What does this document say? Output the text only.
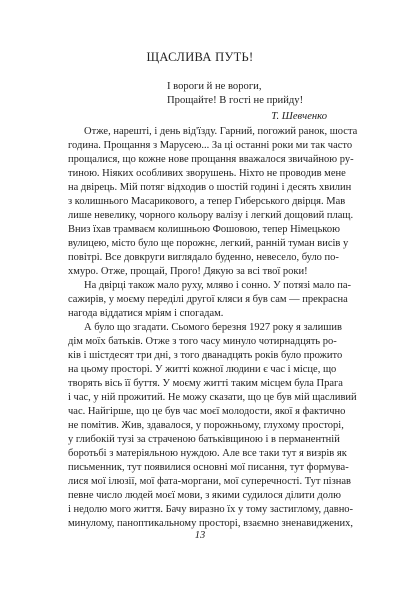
ЩАСЛИВА ПУТЬ!
І вороги й не вороги,
Прощайте! В гості не прийду!
Т. Шевченко
Отже, нарешті, і день від'їзду. Гарний, погожий ранок, шоста
година. Прощання з Марусею... За ці останні роки ми так часто
прощалися, що кожне нове прощання вважалося звичайною ру-
тиною. Ніяких особливих зворушень. Ніхто не проводив мене
на двірець. Мій потяг відходив о шостій годині і десять хвилин
з колишнього Масарикового, а тепер Гиберського двірця. Мав
лише невелику, чорного кольору валізу і легкий дощовий плащ.
Вниз їхав трамваєм колишньою Фошовою, тепер Німецькою
вулицею, місто було ще порожнє, легкий, ранній туман висів у
повітрі. Все довкруги виглядало буденно, невесело, було по-
хмуро. Отже, прощай, Прого! Дякую за всі твої роки!
На двірці також мало руху, мляво і сонно. У потязі мало па-
сажирів, у моєму переділі другої кляси я був сам — прекрасна
нагода віддатися мріям і спогадам.
А було що згадати. Сьомого березня 1927 року я залишив
дім моїх батьків. Отже з того часу минуло чотирнадцять ро-
ків і шістдесят три дні, з того дванадцять років було прожито
на цьому просторі. У житті кожної людини є час і місце, що
творять вісь її буття. У моєму житті таким місцем була Прага
і час, у ній прожитий. Не можу сказати, що це був мій щасливий
час. Найгірше, що це був час моєї молодости, якої я фактично
не помітив. Жив, здавалося, у порожньому, глухому просторі,
у глибокій тузі за страченою батьківщиною і в перманентній
боротьбі з матеріяльною нуждою. Але все таки тут я визрів як
письменник, тут появилися основні мої писання, тут формува-
лися мої ілюзії, мої фата-моргани, мої суперечності. Тут пізнав
певне число людей моєї мови, з якими судилося ділити долю
і недолю мого життя. Бачу виразно їх у тому застиглому, давно-
минулому, паноптикальному просторі, взаємно зненавиджених,
13
